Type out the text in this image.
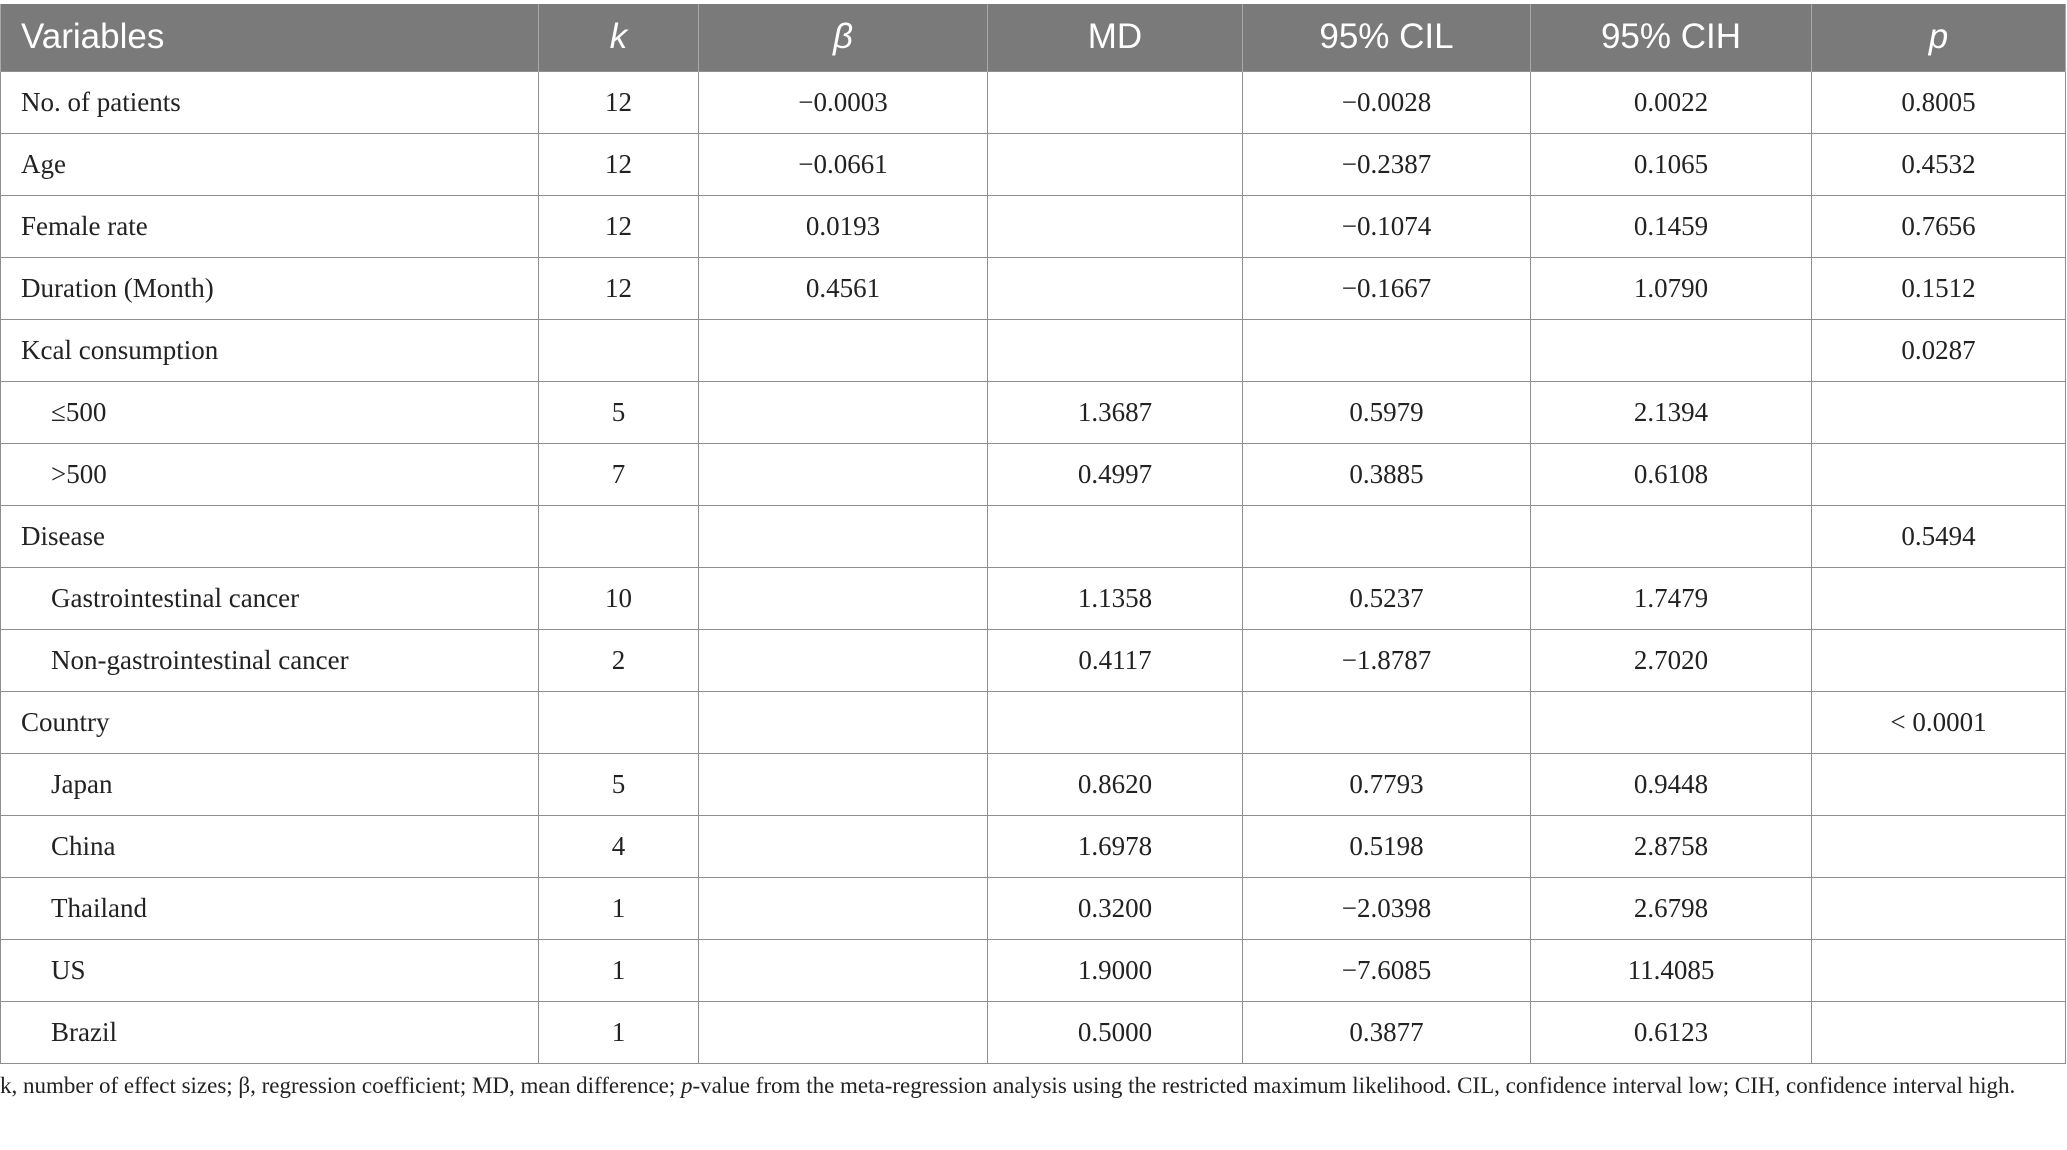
Variables	k	β	MD	95% CIL	95% CIH	p
No. of patients	12	−0.0003		−0.0028	0.0022	0.8005
Age	12	−0.0661		−0.2387	0.1065	0.4532
Female rate	12	0.0193		−0.1074	0.1459	0.7656
Duration (Month)	12	0.4561		−0.1667	1.0790	0.1512
Kcal consumption						0.0287
≤500	5		1.3687	0.5979	2.1394	
>500	7		0.4997	0.3885	0.6108	
Disease						0.5494
Gastrointestinal cancer	10		1.1358	0.5237	1.7479	
Non-gastrointestinal cancer	2		0.4117	−1.8787	2.7020	
Country						< 0.0001
Japan	5		0.8620	0.7793	0.9448	
China	4		1.6978	0.5198	2.8758	
Thailand	1		0.3200	−2.0398	2.6798	
US	1		1.9000	−7.6085	11.4085	
Brazil	1		0.5000	0.3877	0.6123	
k, number of effect sizes; β, regression coefficient; MD, mean difference; p-value from the meta-regression analysis using the restricted maximum likelihood. CIL, confidence interval low; CIH, confidence interval high.
